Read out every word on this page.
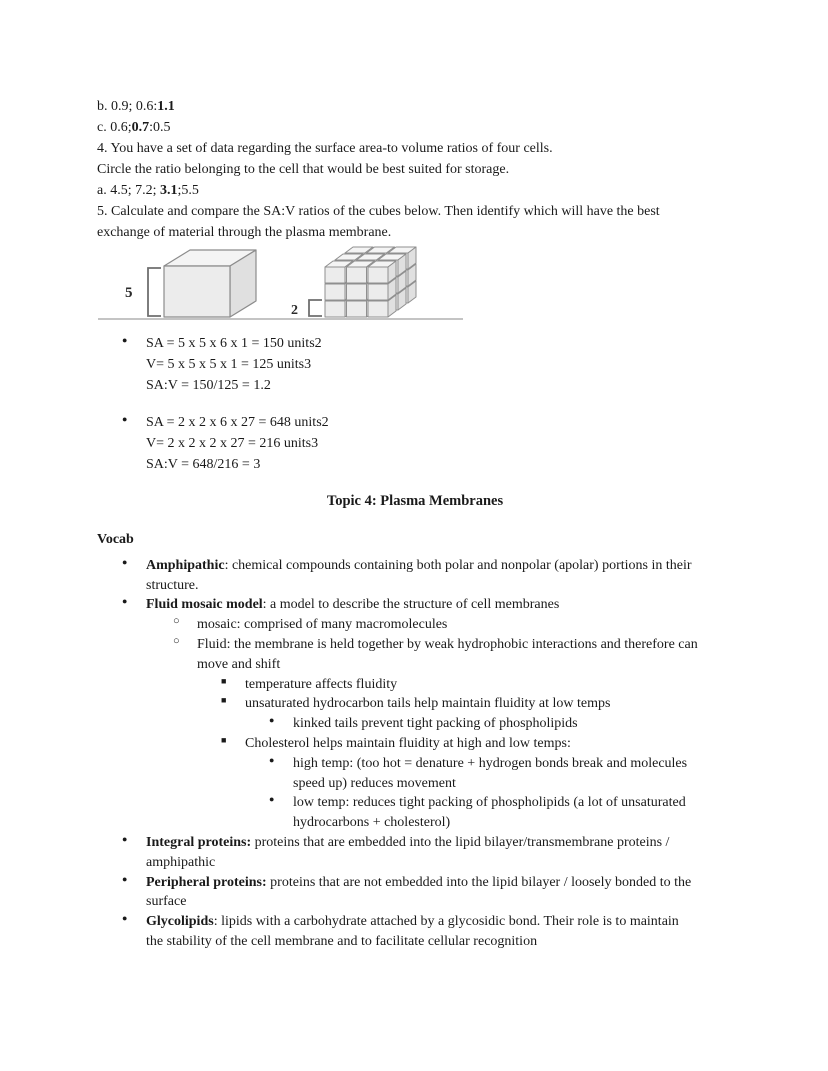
b. 0.9; 0.6:1.1
c. 0.6;0.7:0.5
4. You have a set of data regarding the surface area-to volume ratios of four cells.
Circle the ratio belonging to the cell that would be best suited for storage.
a. 4.5; 7.2; 3.1;5.5
5. Calculate and compare the SA:V ratios of the cubes below. Then identify which will have the best
exchange of material through the plasma membrane.
5
2
●	SA = 5 x 5 x 6 x 1 = 150 units2
V= 5 x 5 x 5 x 1 = 125 units3
SA:V = 150/125 = 1.2
●	SA = 2 x 2 x 6 x 27 = 648 units2
V= 2 x 2 x 2 x 27 = 216 units3
SA:V = 648/216 = 3
Topic 4: Plasma Membranes
Vocab
●	Amphipathic: chemical compounds containing both polar and nonpolar (apolar) portions in their
structure.
●	Fluid mosaic model: a model to describe the structure of cell membranes
○	mosaic: comprised of many macromolecules
○	Fluid: the membrane is held together by weak hydrophobic interactions and therefore can
move and shift
■	temperature affects fluidity
■	unsaturated hydrocarbon tails help maintain fluidity at low temps
●	kinked tails prevent tight packing of phospholipids
■	Cholesterol helps maintain fluidity at high and low temps:
●	high temp: (too hot = denature + hydrogen bonds break and molecules
speed up) reduces movement
●	low temp: reduces tight packing of phospholipids (a lot of unsaturated
hydrocarbons + cholesterol)
●	Integral proteins: proteins that are embedded into the lipid bilayer/transmembrane proteins /
amphipathic
●	Peripheral proteins: proteins that are not embedded into the lipid bilayer / loosely bonded to the
surface
●	Glycolipids: lipids with a carbohydrate attached by a glycosidic bond. Their role is to maintain
the stability of the cell membrane and to facilitate cellular recognition
